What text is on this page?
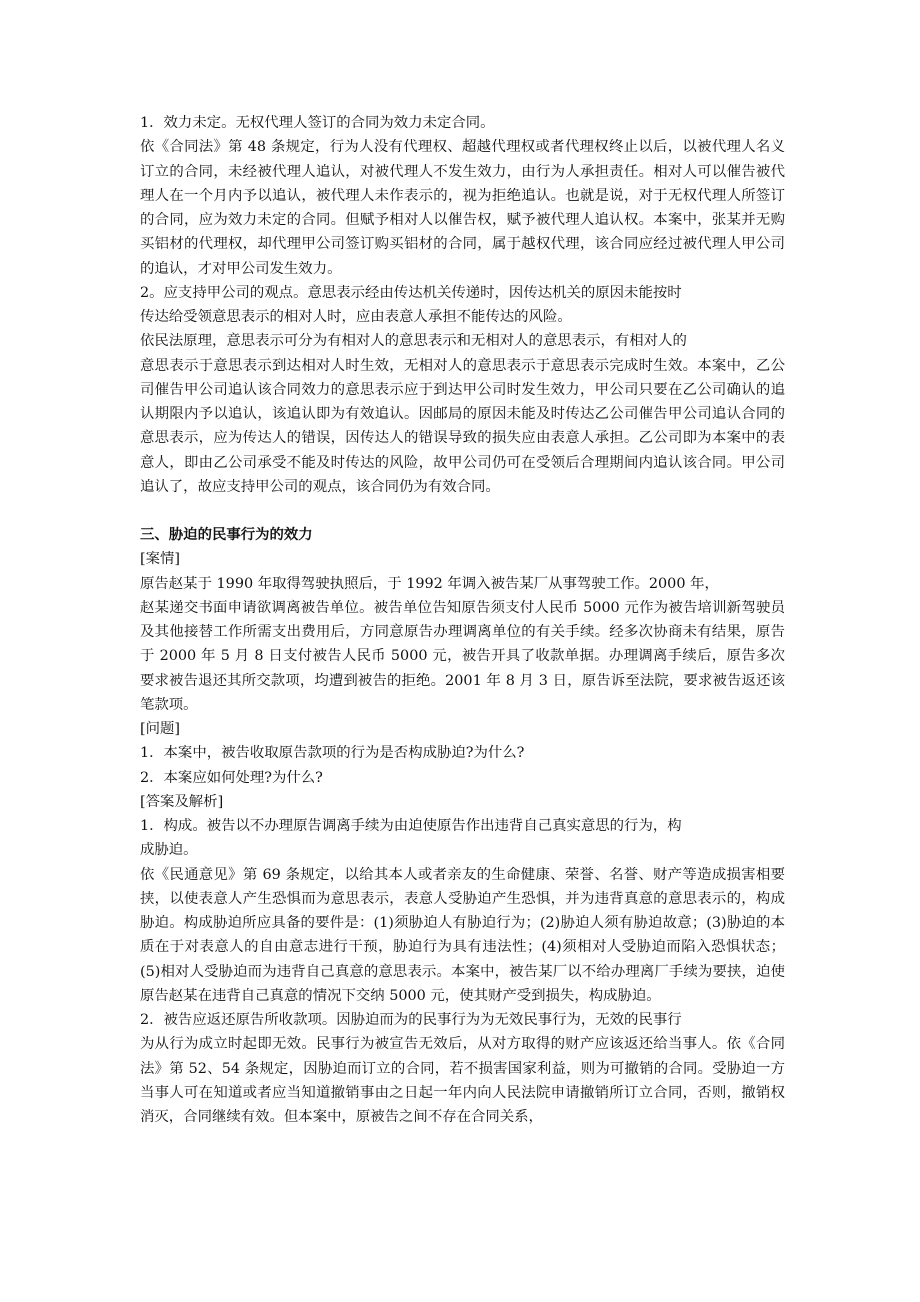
1．效力未定。无权代理人签订的合同为效力未定合同。

依《合同法》第 48 条规定，行为人没有代理权、超越代理权或者代理权终止以后，以被代理人名义订立的合同，未经被代理人追认，对被代理人不发生效力，由行为人承担责任。相对人可以催告被代理人在一个月内予以追认，被代理人未作表示的，视为拒绝追认。也就是说，对于无权代理人所签订的合同，应为效力未定的合同。但赋予相对人以催告权，赋予被代理人追认权。本案中，张某并无购买铝材的代理权，却代理甲公司签订购买铝材的合同，属于越权代理，该合同应经过被代理人甲公司的追认，才对甲公司发生效力。

2。应支持甲公司的观点。意思表示经由传达机关传递时，因传达机关的原因未能按时

传达给受领意思表示的相对人时，应由表意人承担不能传达的风险。

依民法原理，意思表示可分为有相对人的意思表示和无相对人的意思表示，有相对人的

意思表示于意思表示到达相对人时生效，无相对人的意思表示于意思表示完成时生效。本案中，乙公司催告甲公司追认该合同效力的意思表示应于到达甲公司时发生效力，甲公司只要在乙公司确认的追认期限内予以追认，该追认即为有效追认。因邮局的原因未能及时传达乙公司催告甲公司追认合同的意思表示，应为传达人的错误，因传达人的错误导致的损失应由表意人承担。乙公司即为本案中的表意人，即由乙公司承受不能及时传达的风险，故甲公司仍可在受领后合理期间内追认该合同。甲公司追认了，故应支持甲公司的观点，该合同仍为有效合同。

三、胁迫的民事行为的效力

[案情]

原告赵某于 1990 年取得驾驶执照后，于 1992 年调入被告某厂从事驾驶工作。2000 年，

赵某递交书面申请欲调离被告单位。被告单位告知原告须支付人民币 5000 元作为被告培训新驾驶员及其他接替工作所需支出费用后，方同意原告办理调离单位的有关手续。经多次协商未有结果，原告于 2000 年 5 月 8 日支付被告人民币 5000 元，被告开具了收款单据。办理调离手续后，原告多次要求被告退还其所交款项，均遭到被告的拒绝。2001 年 8 月 3 日，原告诉至法院，要求被告返还该笔款项。

[问题]

1．本案中，被告收取原告款项的行为是否构成胁迫?为什么?

2．本案应如何处理?为什么?

[答案及解析]

1．构成。被告以不办理原告调离手续为由迫使原告作出违背自己真实意思的行为，构

成胁迫。

依《民通意见》第 69 条规定，以给其本人或者亲友的生命健康、荣誉、名誉、财产等造成损害相要挟，以使表意人产生恐惧而为意思表示，表意人受胁迫产生恐惧，并为违背真意的意思表示的，构成胁迫。构成胁迫所应具备的要件是：(1)须胁迫人有胁迫行为；(2)胁迫人须有胁迫故意；(3)胁迫的本质在于对表意人的自由意志进行干预，胁迫行为具有违法性；(4)须相对人受胁迫而陷入恐惧状态；(5)相对人受胁迫而为违背自己真意的意思表示。本案中，被告某厂以不给办理离厂手续为要挟，迫使原告赵某在违背自己真意的情况下交纳 5000 元，使其财产受到损失，构成胁迫。

2．被告应返还原告所收款项。因胁迫而为的民事行为为无效民事行为，无效的民事行

为从行为成立时起即无效。民事行为被宣告无效后，从对方取得的财产应该返还给当事人。依《合同法》第 52、54 条规定，因胁迫而订立的合同，若不损害国家利益，则为可撤销的合同。受胁迫一方当事人可在知道或者应当知道撤销事由之日起一年内向人民法院申请撤销所订立合同，否则，撤销权消灭，合同继续有效。但本案中，原被告之间不存在合同关系，
